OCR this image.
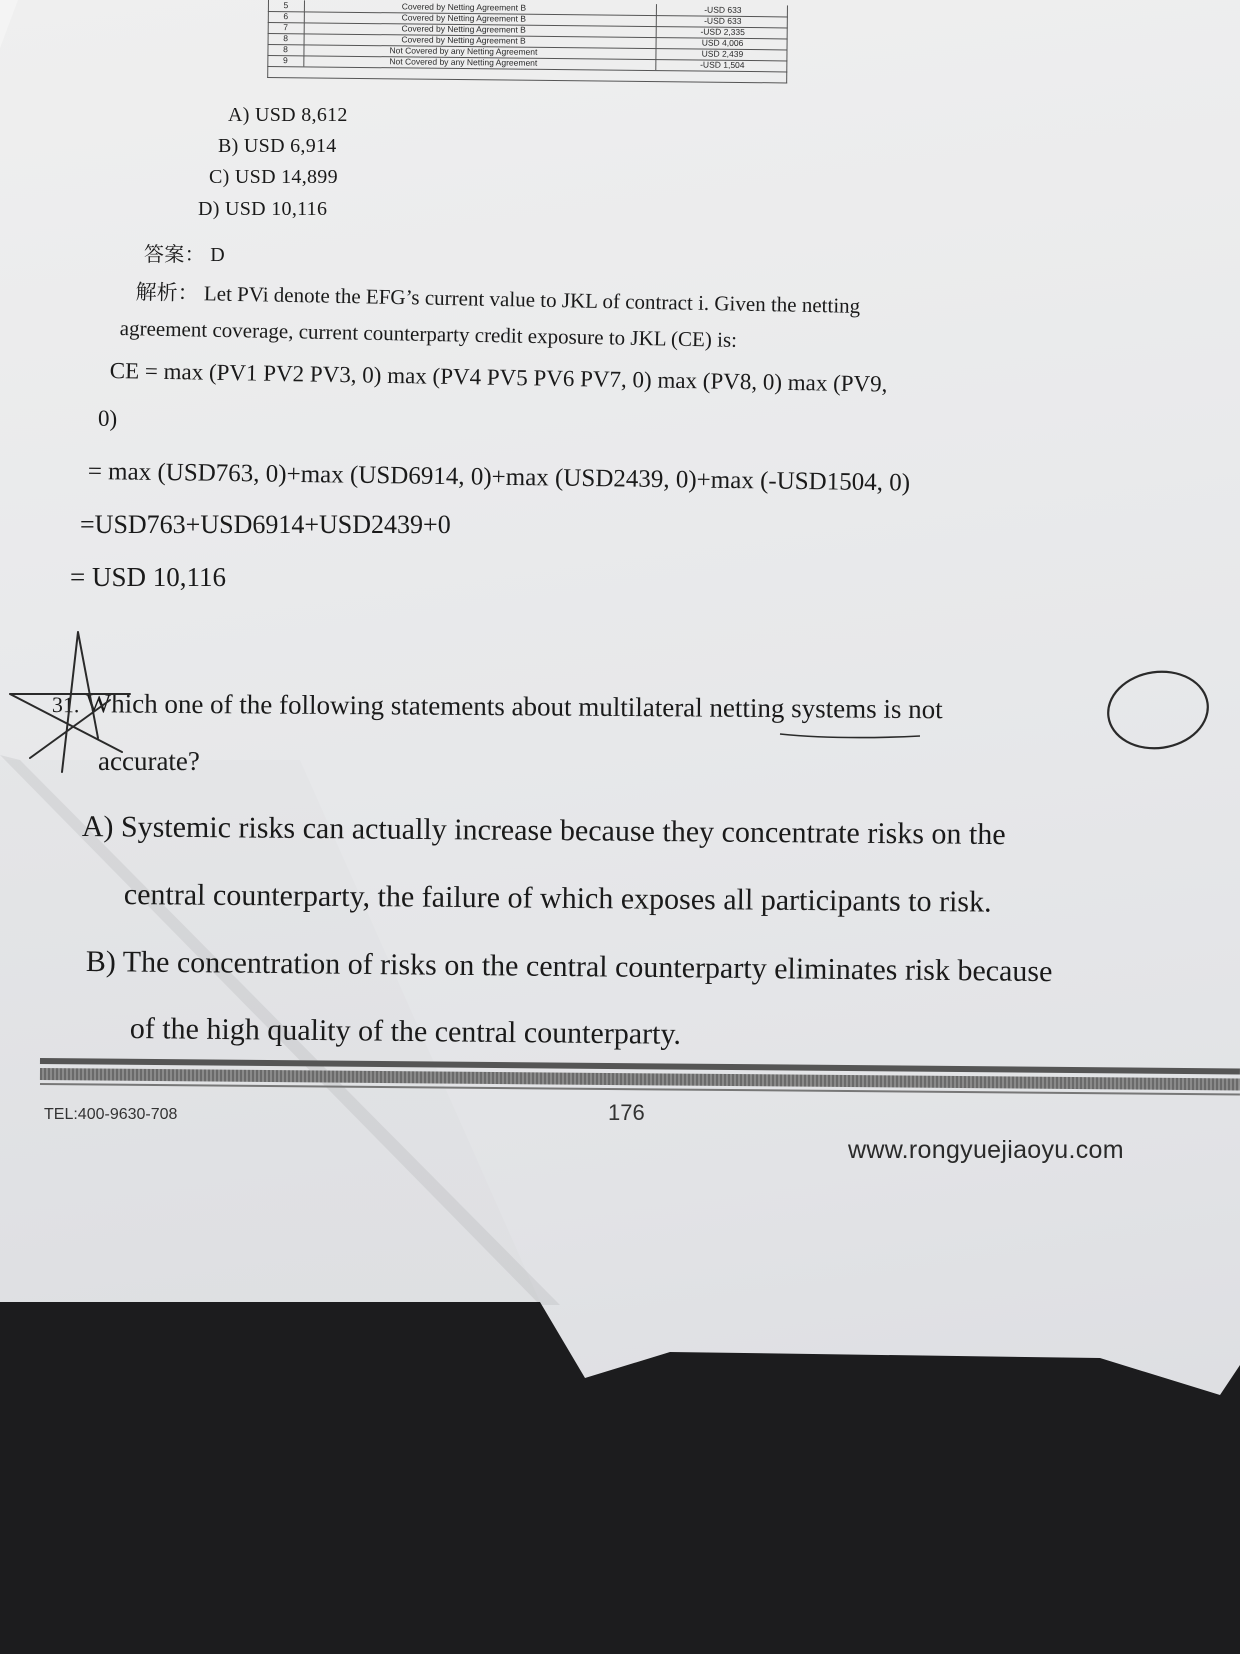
5	Covered by Netting Agreement B	-USD 633
6	Covered by Netting Agreement B	-USD 633
7	Covered by Netting Agreement B	-USD 2,335
8	Covered by Netting Agreement B	USD 4,006
8	Not Covered by any Netting Agreement	USD 2,439
9	Not Covered by any Netting Agreement	-USD 1,504
A) USD 8,612
B) USD 6,914
C) USD 14,899
D) USD 10,116
答案： D
解析： Let PVi denote the EFG’s current value to JKL of contract i. Given the netting
agreement coverage, current counterparty credit exposure to JKL (CE) is:
CE = max (PV1 PV2 PV3, 0) max (PV4 PV5 PV6 PV7, 0) max (PV8, 0) max (PV9,
0)
= max (USD763, 0)+max (USD6914, 0)+max (USD2439, 0)+max (-USD1504, 0)
=USD763+USD6914+USD2439+0
= USD 10,116
31. Which one of the following statements about multilateral netting systems is not
accurate?
A) Systemic risks can actually increase because they concentrate risks on the
central counterparty, the failure of which exposes all participants to risk.
B) The concentration of risks on the central counterparty eliminates risk because
of the high quality of the central counterparty.
TEL:400-9630-708	176
www.rongyuejiaoyu.com
